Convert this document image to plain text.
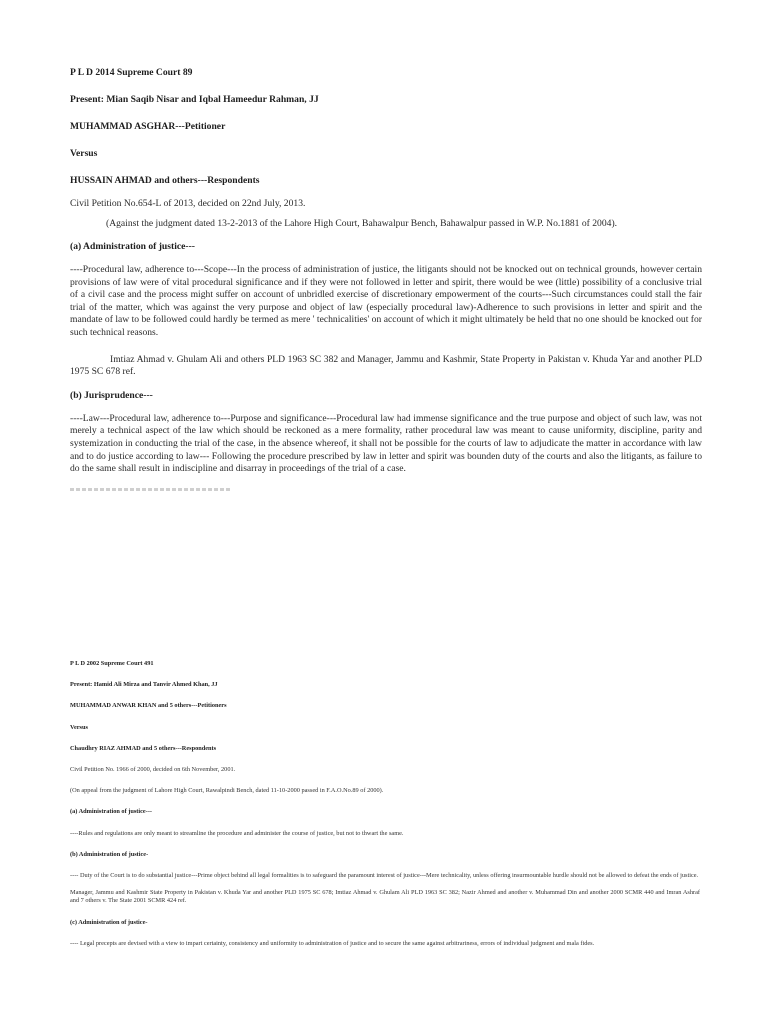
P L D 2014 Supreme Court 89

Present: Mian Saqib Nisar and Iqbal Hameedur Rahman, JJ

MUHAMMAD ASGHAR---Petitioner

Versus

HUSSAIN AHMAD and others---Respondents

Civil Petition No.654-L of 2013, decided on 22nd July, 2013.

(Against the judgment dated 13-2-2013 of the Lahore High Court, Bahawalpur Bench, Bahawalpur passed in W.P. No.1881 of 2004).

(a) Administration of justice---

----Procedural law, adherence to---Scope---In the process of administration of justice, the litigants should not be knocked out on technical grounds, however certain provisions of law were of vital procedural significance and if they were not followed in letter and spirit, there would be wee (little) possibility of a conclusive trial of a civil case and the process might suffer on account of unbridled exercise of discretionary empowerment of the courts---Such circumstances could stall the fair trial of the matter, which was against the very purpose and object of law (especially procedural law)-Adherence to such provisions in letter and spirit and the mandate of law to be followed could hardly be termed as mere ' technicalities' on account of which it might ultimately be held that no one should be knocked out for such technical reasons.

Imtiaz Ahmad v. Ghulam Ali and others PLD 1963 SC 382 and Manager, Jammu and Kashmir, State Property in Pakistan v. Khuda Yar and another PLD 1975 SC 678 ref.

(b) Jurisprudence---

----Law---Procedural law, adherence to---Purpose and significance---Procedural law had immense significance and the true purpose and object of such law, was not merely a technical aspect of the law which should be reckoned as a mere formality, rather procedural law was meant to cause uniformity, discipline, parity and systemization in conducting the trial of the case, in the absence whereof, it shall not be possible for the courts of law to adjudicate the matter in accordance with law and to do justice according to law--- Following the procedure prescribed by law in letter and spirit was bounden duty of the courts and also the litigants, as failure to do the same shall result in indiscipline and disarray in proceedings of the trial of a case.

P L D 2002 Supreme Court 491

Present: Hamid Ali Mirza and Tanvir Ahmed Khan, JJ

MUHAMMAD ANWAR KHAN and 5 others---Petitioners

Versus

Chaudhry RIAZ AHMAD and 5 others---Respondents

Civil Petition No. 1966 of 2000, decided on 6th November, 2001.

(On appeal from the judgment of Lahore High Court, Rawalpindi Bench, dated 11-10-2000 passed in F.A.O.No.89 of 2000).

(a) Administration of justice---

----Rules and regulations are only meant to streamline the procedure and administer the course of justice, but not to thwart the same.

(b) Administration of justice-

---- Duty of the Court is to do substantial justice---Prime object behind all legal formalities is to safeguard the paramount interest of justice---Mere technicality, unless offering insurmountable hurdle should not be allowed to defeat the ends of justice.

Manager, Jammu and Kashmir State Property in Pakistan v. Khuda Yar and another PLD 1975 SC 678; Imtiaz Ahmad v. Ghulam Ali PLD 1963 SC 382; Nazir Ahmed and another v. Muhammad Din and another 2000 SCMR 440 and Imran Ashraf and 7 others v. The State 2001 SCMR 424 ref.

(c) Administration of justice-

---- Legal precepts are devised with a view to impart certainty, consistency and uniformity to administration of justice and to secure the same against arbitrariness, errors of individual judgment and mala fides.
